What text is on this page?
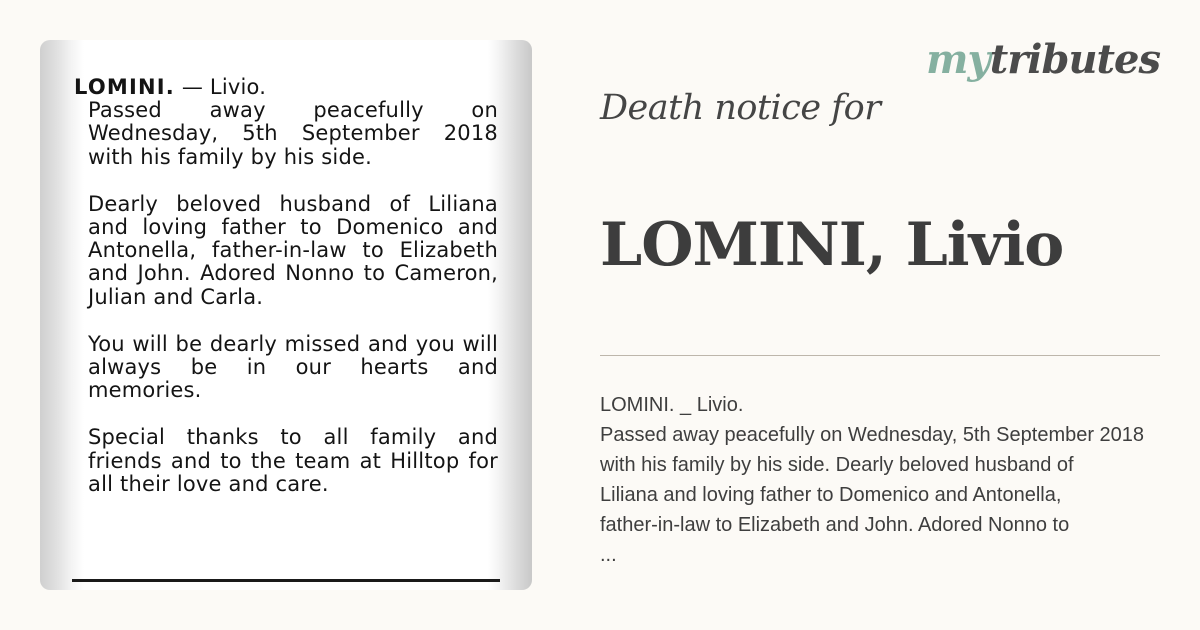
LOMINI. — Livio.

Passed away peacefully on Wednesday, 5th September 2018 with his family by his side.

Dearly beloved husband of Liliana and loving father to Domenico and Antonella, father-in-law to Elizabeth and John. Adored Nonno to Cameron, Julian and Carla.

You will be dearly missed and you will always be in our hearts and memories.

Special thanks to all family and friends and to the team at Hilltop for all their love and care.

mytributes
Death notice for
LOMINI, Livio
LOMINI. _ Livio.
Passed away peacefully on Wednesday, 5th September 2018
with his family by his side. Dearly beloved husband of
Liliana and loving father to Domenico and Antonella,
father-in-law to Elizabeth and John. Adored Nonno to
...
